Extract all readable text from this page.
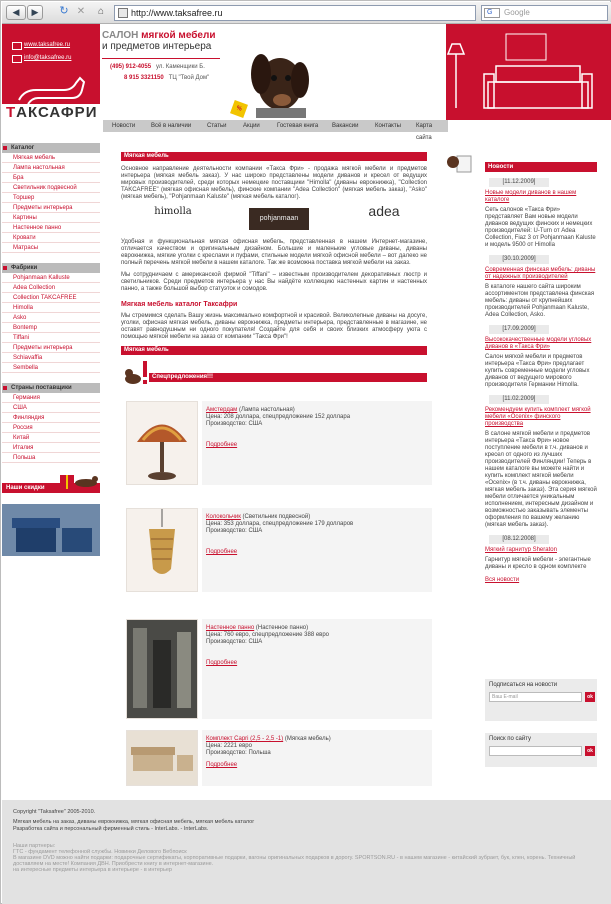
◀	▶	↻ ✕	⌂	http://www.taksafree.ru	G	Google
www.taksafree.ru
info@taksafree.ru
ТАКСАФРИ
САЛОН мягкой мебели
и предметов интерьера
(495) 912-4055 ул. Каменщики Б.
8 915 3321150 ТЦ "Твой Дом"
%
Новости	Всё в наличии	Статьи	Акции	Гостевая книга Вакансии	Контакты	Карта сайта
Каталог
Мягкая мебель
Лампа настольная
Бра
Светильник подвесной
Торшер
Предметы интерьера
Картины
Настенное панно
Кровати
Матрасы
Фабрики
Pohjanmaan Kalluste
Adea Collection
Collection TAKCAFREE
Himolla
Asko
Bontemp
Tiffani
Предметы интерьера
Schiavaffia
Sembella
Страны поставщики
Германия
США
Финляндия
Россия
Китай
Италия
Польша
Наши скидки
скидки 50%
Мягкая мебель
Основное направление деятельности компании «Такса Фри» - продажа мягкой мебели и предметов интерьера (мягкая мебель заказ). У нас широко представлены модели диванов и кресел от ведущих мировых производителей, среди которых немецкие поставщики "Himolla" (диваны еврокнижка), "Collection TAKCAFREE" (мягкая офисная мебель), финские компании "Adea Collection" (мягкая мебель заказ), "Asko" (мягкая мебель), "Pohjanmaan Kaluste" (мягкая мебель каталог).
himolla
pohjanmaan	adea
Удобная и функциональная мягкая офисная мебель, представленная в нашем Интернет-магазине, отличается качеством и оригинальным дизайном. Большие и маленькие угловые диваны, диваны еврокнижка, мягкие уголки с креслами и пуфами, стильные модели мягкой офисной мебели – вот далеко не полный перечень мягкой мебели в нашем каталоге. Так же возможна поставка мягкой мебели на заказ.
Мы сотрудничаем с американской фирмой "Tiffani" – известным производителем декоративных люстр и светильников. Среди предметов интерьера у нас Вы найдёте коллекцию настенных картин и настенных панно, а также большой выбор статуэток и сомодов.
Мягкая мебель каталог Таксафри
Мы стремимся сделать Вашу жизнь максимально комфортной и красивой. Великолепные диваны на досуге, уголки, офисная мягкая мебель, диваны еврокнижка, предметы интерьера, представленные в магазине, не оставят равнодушным ни одного покупателя! Создайте для себя и своих близких атмосферу уюта с помощью мягкой мебели на заказ от компании "Такса Фри"!
Мягкая мебель
Спецпредложения!!!
Амстердам (Лампа настольная)
Цена: 208 доллара, спецпредложение 152 доллара
Производство: США
Подробнее
Колокольчик (Светильник подвесной)
Цена: 353 доллара, спецпредложение 179 долларов
Производство: США
Подробнее
Настенное панно (Настенное панно)
Цена: 760 евро, спецпредложение 388 евро
Производство: США
Подробнее
Комплект Capri (2,5 - 2,5 -1) (Мягкая мебель)
Цена: 2221 евро
Производство: Польша
Подробнее
Новости
[11.12.2009]
Новые модели диванов в нашем каталоге
Сеть салонов «Такса Фри» представляет Вам новые модели диванов ведущих финских и немецких производителей: U-Turn от Adea Collection, Fiaz 3 от Pohjanmaan Kaluste и модель 9500 от Himolla
[30.10.2009]
Современная финская мебель: диваны от надежных производителей
В каталоге нашего сайта широким ассортиментом представлена финская мебель: диваны от крупнейших производителей Pohjanmaan Kaluste, Adea Collection, Asko.
[17.09.2009]
Высококачественные модели угловых диванов в «Такса Фри»
Салон мягкой мебели и предметов интерьера «Такса Фри» предлагает купить современные модели угловых диванов от ведущего мирового производителя Германии Himolla.
[11.02.2009]
Рекомендуем купить комплект мягкой мебели «Ocenix» финского производства
В салоне мягкой мебели и предметов интерьера «Такса Фри» новое поступление мебели в т.ч. диванов и кресел от одного из лучших производителей Финляндии! Теперь в нашем каталоге вы можете найти и купить комплект мягкой мебели «Ocenix» (в т.ч. диваны еврокнижка, мягкая мебель заказ). Эта серия мягкой мебели отличается уникальным исполнением, интересным дизайном и возможностью заказывать элементы оформления по вашему желанию (мягкая мебель заказ).
[08.12.2008]
Мягкий гарнитур Sheraton
Гарнитур мягкой мебели - элегантные диваны и кресло в одном комплекте
Вся новости
Подписаться на новости
Ваш E-mail	ok
Поиск по сайту
ok
Copyright "Taksafree" 2005-2010.
Мягкая мебель на заказ, диваны еврокнижка, мягкая офисная мебель, мягкая мебель каталог
Разработка сайта и персональный фирменный стиль - InterLabs. - InterLabs.
Наши партнеры:
ГТС - фундамент телефонной службы. Новинки Делового Вебпоиск
В магазине DVD можно найти подарки: подарочные сертификаты, корпоративные подарки, вагоны оригинальных подарков в дорогу. SPORTSON.RU - в нашем магазине - китайский зубрает, бук, клен, корень. Техничный доставляем на месте! Компания ДВН. Приобрести книгу в интернет-магазине.
на интересные предметы интерьера в интерьере - в интерьер
